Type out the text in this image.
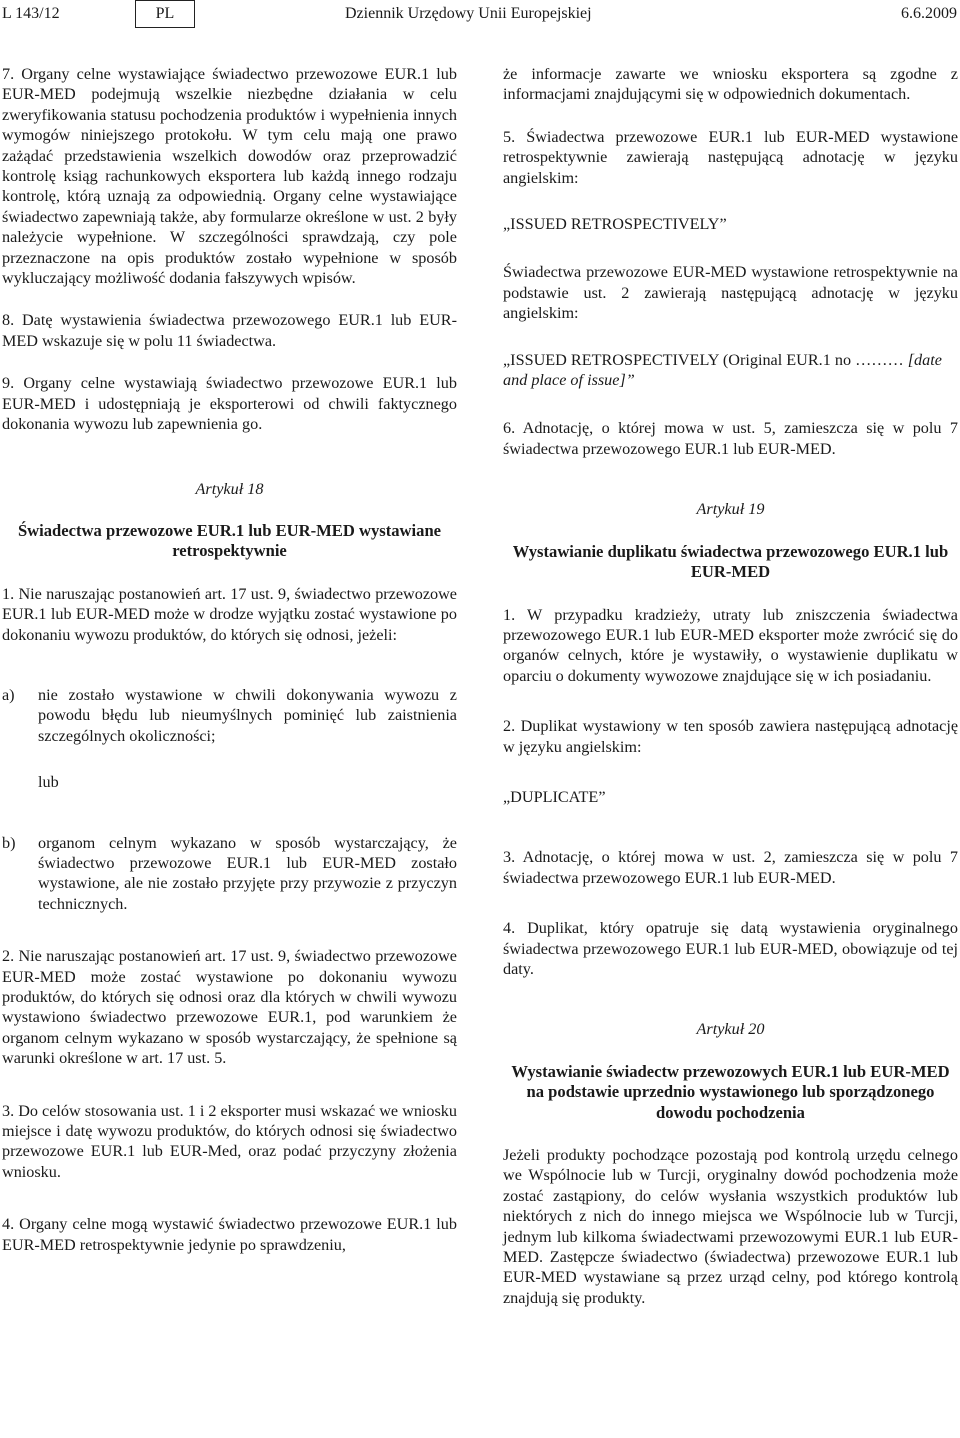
L 143/12	PL	Dziennik Urzędowy Unii Europejskiej	6.6.2009

7. Organy celne wystawiające świadectwo przewozowe EUR.1 lub EUR-MED podejmują wszelkie niezbędne działania w celu zweryfikowania statusu pochodzenia produktów i wypełnienia innych wymogów niniejszego protokołu. W tym celu mają one prawo zażądać przedstawienia wszelkich dowodów oraz przeprowadzić kontrolę ksiąg rachunkowych eksportera lub każdą innego rodzaju kontrolę, którą uznają za odpowiednią. Organy celne wystawiające świadectwo zapewniają także, aby formularze określone w ust. 2 były należycie wypełnione. W szczególności sprawdzają, czy pole przeznaczone na opis produktów zostało wypełnione w sposób wykluczający możliwość dodania fałszywych wpisów.

8. Datę wystawienia świadectwa przewozowego EUR.1 lub EUR-MED wskazuje się w polu 11 świadectwa.

9. Organy celne wystawiają świadectwo przewozowe EUR.1 lub EUR-MED i udostępniają je eksporterowi od chwili faktycznego dokonania wywozu lub zapewnienia go.

Artykuł 18

Świadectwa przewozowe EUR.1 lub EUR-MED wystawiane retrospektywnie

1. Nie naruszając postanowień art. 17 ust. 9, świadectwo przewozowe EUR.1 lub EUR-MED może w drodze wyjątku zostać wystawione po dokonaniu wywozu produktów, do których się odnosi, jeżeli:

a)	nie zostało wystawione w chwili dokonywania wywozu z powodu błędu lub nieumyślnych pominięć lub zaistnienia szczególnych okoliczności;

lub

b)	organom celnym wykazano w sposób wystarczający, że świadectwo przewozowe EUR.1 lub EUR-MED zostało wystawione, ale nie zostało przyjęte przy przywozie z przyczyn technicznych.

2. Nie naruszając postanowień art. 17 ust. 9, świadectwo przewozowe EUR-MED może zostać wystawione po dokonaniu wywozu produktów, do których się odnosi oraz dla których w chwili wywozu wystawiono świadectwo przewozowe EUR.1, pod warunkiem że organom celnym wykazano w sposób wystarczający, że spełnione są warunki określone w art. 17 ust. 5.

3. Do celów stosowania ust. 1 i 2 eksporter musi wskazać we wniosku miejsce i datę wywozu produktów, do których odnosi się świadectwo przewozowe EUR.1 lub EUR-Med, oraz podać przyczyny złożenia wniosku.

4. Organy celne mogą wystawić świadectwo przewozowe EUR.1 lub EUR-MED retrospektywnie jedynie po sprawdzeniu,

że informacje zawarte we wniosku eksportera są zgodne z informacjami znajdującymi się w odpowiednich dokumentach.

5. Świadectwa przewozowe EUR.1 lub EUR-MED wystawione retrospektywnie zawierają następującą adnotację w języku angielskim:

„ISSUED RETROSPECTIVELY”

Świadectwa przewozowe EUR-MED wystawione retrospektywnie na podstawie ust. 2 zawierają następującą adnotację w języku angielskim:

„ISSUED RETROSPECTIVELY (Original EUR.1 no ……… [date and place of issue]”

6. Adnotację, o której mowa w ust. 5, zamieszcza się w polu 7 świadectwa przewozowego EUR.1 lub EUR-MED.

Artykuł 19

Wystawianie duplikatu świadectwa przewozowego EUR.1 lub EUR-MED

1. W przypadku kradzieży, utraty lub zniszczenia świadectwa przewozowego EUR.1 lub EUR-MED eksporter może zwrócić się do organów celnych, które je wystawiły, o wystawienie duplikatu w oparciu o dokumenty wywozowe znajdujące się w ich posiadaniu.

2. Duplikat wystawiony w ten sposób zawiera następującą adnotację w języku angielskim:

„DUPLICATE”

3. Adnotację, o której mowa w ust. 2, zamieszcza się w polu 7 świadectwa przewozowego EUR.1 lub EUR-MED.

4. Duplikat, który opatruje się datą wystawienia oryginalnego świadectwa przewozowego EUR.1 lub EUR-MED, obowiązuje od tej daty.

Artykuł 20

Wystawianie świadectw przewozowych EUR.1 lub EUR-MED na podstawie uprzednio wystawionego lub sporządzonego dowodu pochodzenia

Jeżeli produkty pochodzące pozostają pod kontrolą urzędu celnego we Wspólnocie lub w Turcji, oryginalny dowód pochodzenia może zostać zastąpiony, do celów wysłania wszystkich produktów lub niektórych z nich do innego miejsca we Wspólnocie lub w Turcji, jednym lub kilkoma świadectwami przewozowymi EUR.1 lub EUR-MED. Zastępcze świadectwo (świadectwa) przewozowe EUR.1 lub EUR-MED wystawiane są przez urząd celny, pod którego kontrolą znajdują się produkty.
